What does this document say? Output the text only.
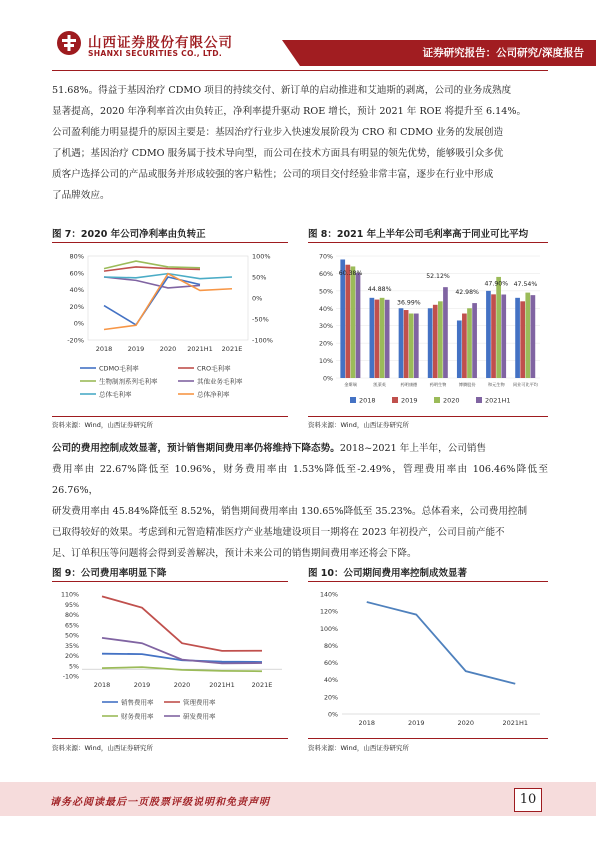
山西证券股份有限公司
SHANXI SECURITIES CO., LTD.	证券研究报告：公司研究/深度报告

51.68%。得益于基因治疗 CDMO 项目的持续交付、新订单的启动推进和艾迪斯的剥离，公司的业务成熟度

显著提高，2020 年净利率首次由负转正，净利率提升驱动 ROE 增长，预计 2021 年 ROE 将提升至 6.14%。

公司盈利能力明显提升的原因主要是：基因治疗行业步入快速发展阶段为 CRO 和 CDMO 业务的发展创造

了机遇；基因治疗 CDMO 服务属于技术导向型，而公司在技术方面具有明显的领先优势，能够吸引众多优

质客户选择公司的产品或服务并形成较强的客户粘性；公司的项目交付经验非常丰富，逐步在行业中形成

了品牌效应。

图 7：2020 年公司净利率由负转正	图 8：2021 年上半年公司毛利率高于同业可比平均
80%
60%
40%
20%
0%
-20%
100%
50%
0%
-50%
-100%
2018 2019 2020 2021H1 2021E
CDMO毛利率	CRO毛利率
生物制剂系列毛利率	其他业务毛利率
总体毛利率	总体净利率
70%
60%
50%
40%
30%
20%
10%
0%
金斯瑞	凯莱英	药明康德	药明生物	博腾股份	和元生物 同业可比平均
60.38%
44.88%
36.99%
52.12%
42.98%
47.90% 47.54%
2018	2019	2020	2021H1
资料来源：Wind，山西证券研究所	资料来源：Wind，山西证券研究所

公司的费用控制成效显著，预计销售期间费用率仍将维持下降态势。2018~2021 年上半年，公司销售

费用率由 22.67%降低至 10.96%，财务费用率由 1.53%降低至-2.49%，管理费用率由 106.46%降低至 26.76%，

研发费用率由 45.84%降低至 8.52%，销售期间费用率由 130.65%降低至 35.23%。总体看来，公司费用控制

已取得较好的效果。考虑到和元智造精准医疗产业基地建设项目一期将在 2023 年初投产，公司目前产能不

足、订单积压等问题将会得到妥善解决，预计未来公司的销售期间费用率还将会下降。

图 9：公司费用率明显下降	图 10：公司期间费用率控制成效显著
110%
95%
80%
65%
50%
35%
20%
5%
-10%
2018	2019	2020	2021H1	2021E
销售费用率	管理费用率
财务费用率	研发费用率
140%
120%
100%
80%
60%
40%
20%
0%
2018	2019	2020	2021H1
资料来源：Wind，山西证券研究所	资料来源：Wind，山西证券研究所
请务必阅读最后一页股票评级说明和免责声明	10
